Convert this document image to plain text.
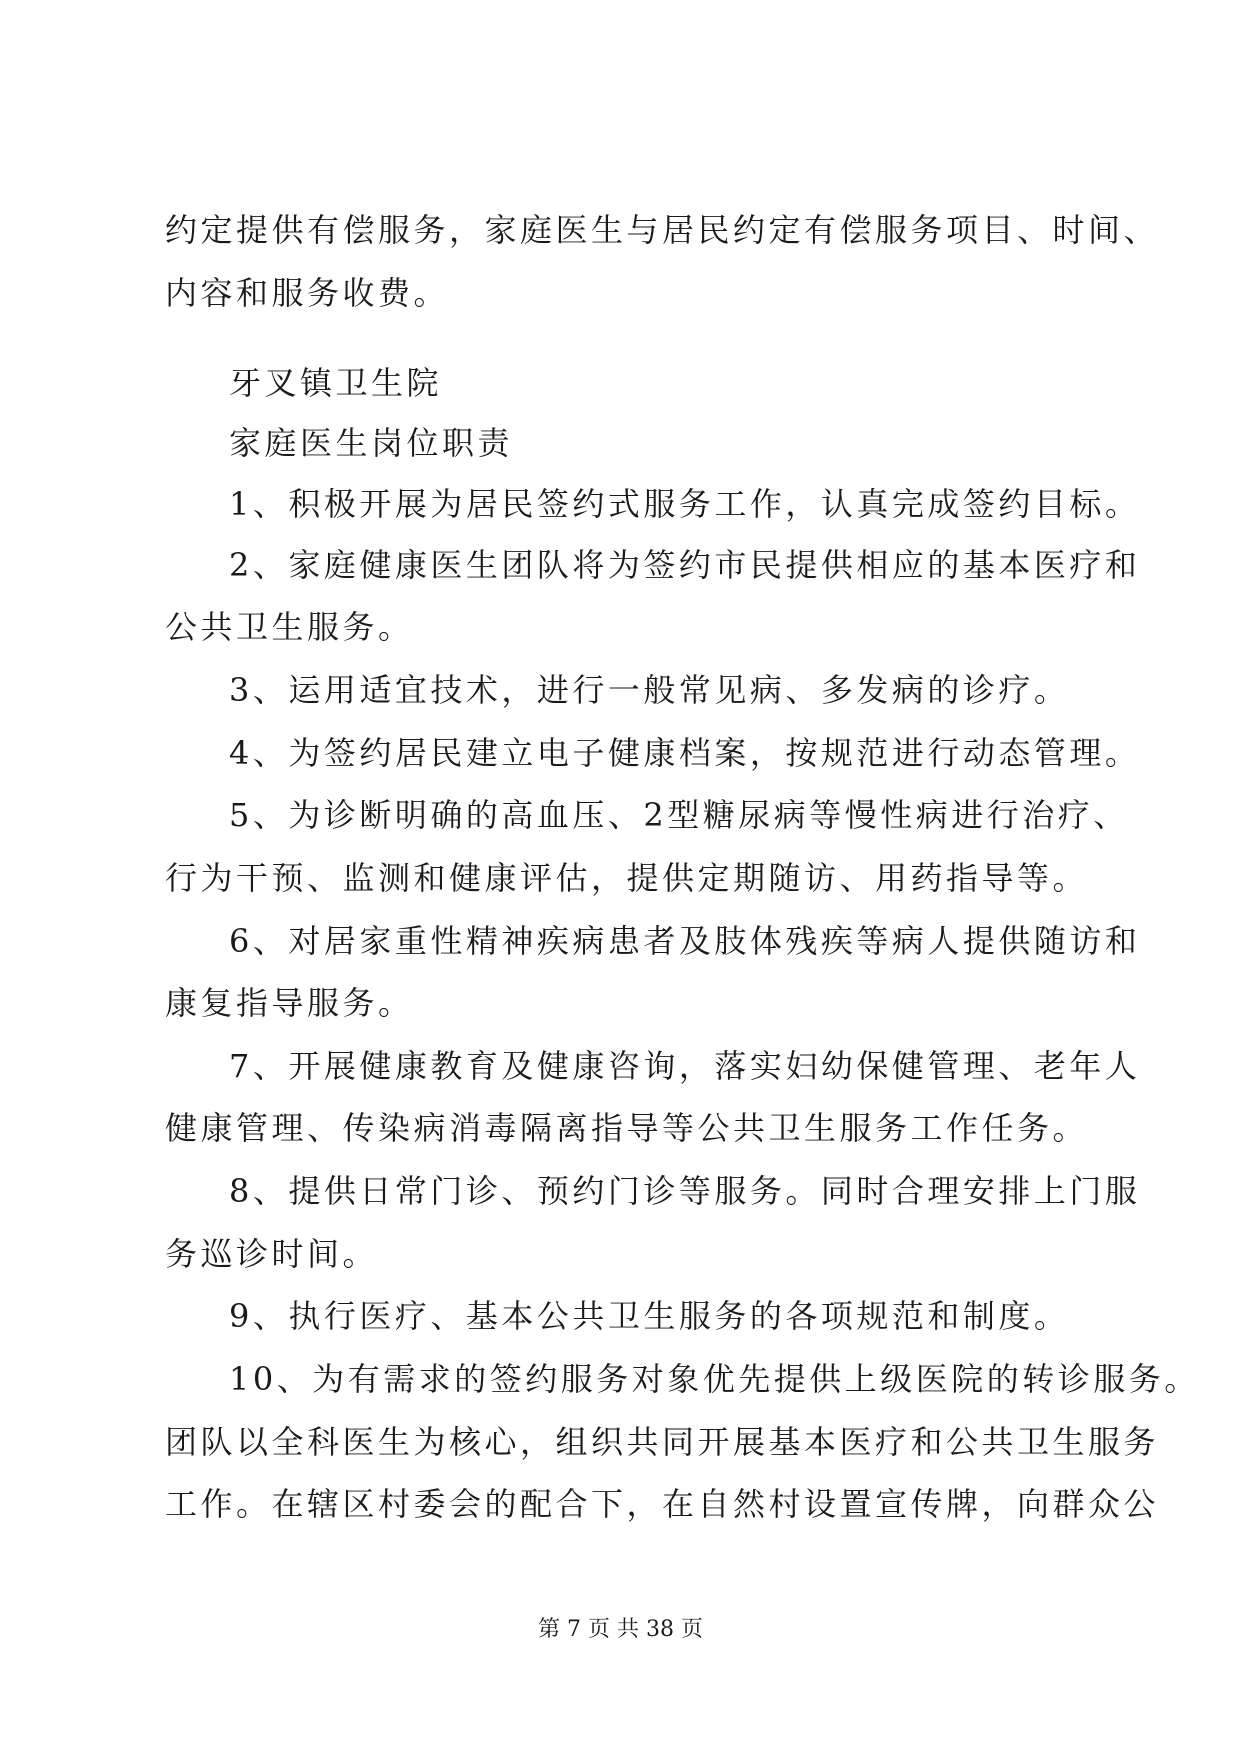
约定提供有偿服务，家庭医生与居民约定有偿服务项目、时间、
内容和服务收费。
牙叉镇卫生院
家庭医生岗位职责
1、积极开展为居民签约式服务工作，认真完成签约目标。
2、家庭健康医生团队将为签约市民提供相应的基本医疗和
公共卫生服务。
3、运用适宜技术，进行一般常见病、多发病的诊疗。
4、为签约居民建立电子健康档案，按规范进行动态管理。
5、为诊断明确的高血压、2型糖尿病等慢性病进行治疗、
行为干预、监测和健康评估，提供定期随访、用药指导等。
6、对居家重性精神疾病患者及肢体残疾等病人提供随访和
康复指导服务。
7、开展健康教育及健康咨询，落实妇幼保健管理、老年人
健康管理、传染病消毒隔离指导等公共卫生服务工作任务。
8、提供日常门诊、预约门诊等服务。同时合理安排上门服
务巡诊时间。
9、执行医疗、基本公共卫生服务的各项规范和制度。
10、为有需求的签约服务对象优先提供上级医院的转诊服务。
团队以全科医生为核心，组织共同开展基本医疗和公共卫生服务
工作。在辖区村委会的配合下，在自然村设置宣传牌，向群众公
第 7 页 共 38 页
